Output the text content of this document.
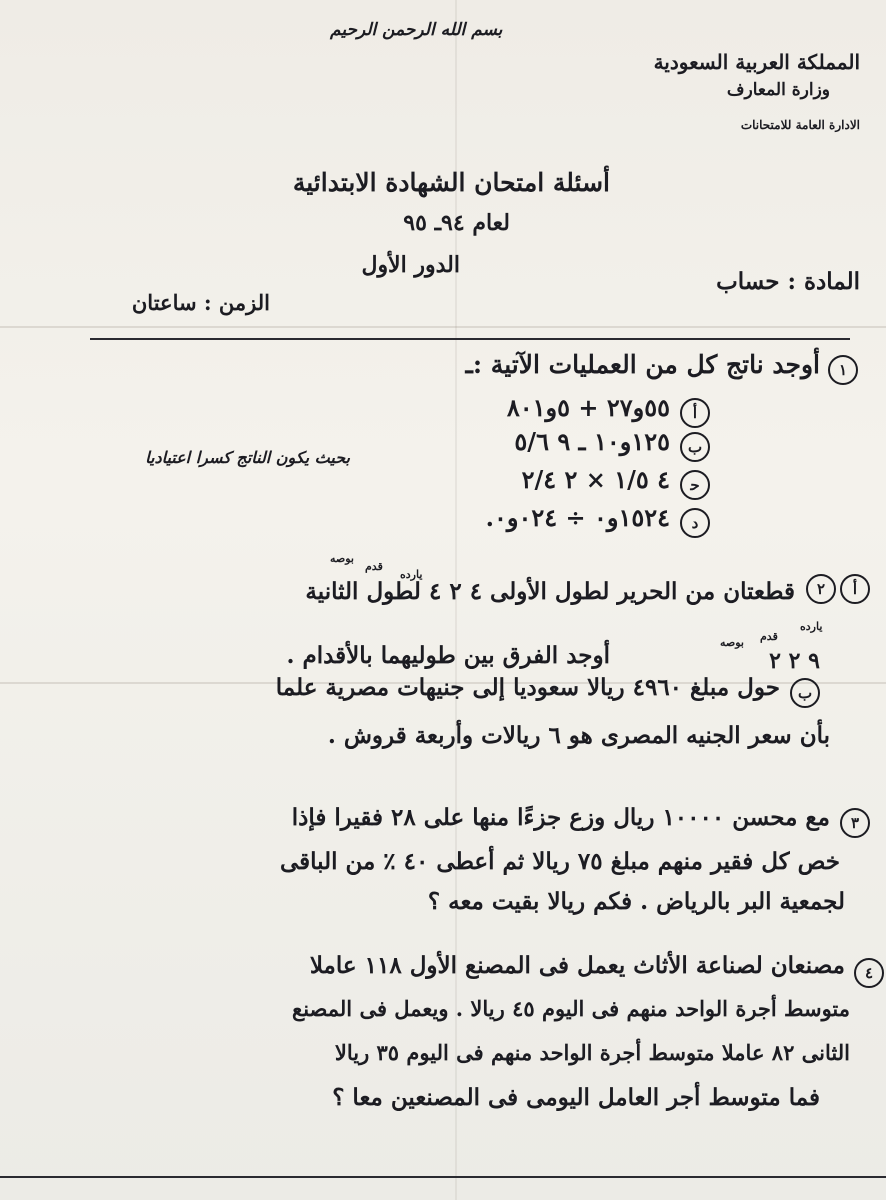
بسم الله الرحمن الرحيم
المملكة العربية السعودية
وزارة المعارف
الادارة العامة للامتحانات
أسئلة امتحان الشهادة الابتدائية
لعام ٩٤ـ ٩٥
الدور الأول
المادة : حساب
الزمن : ساعتان
١
أوجد ناتج كل من العمليات الآتية :ـ
أ
٥٥و٢٧ + ٥و٨٠١
ب
١٢٥و١٠ ـ ٩ ٥/٦
بحيث يكون الناتج كسرا اعتياديا
ﺣ
٤ ١/٥ × ٢ ٢/٤
د
١٥٢٤و٠ ÷ ٠٢٤و٠.
أ
٢
يارده
قدم
بوصه
قطعتان من الحرير لطول الأولى ٤ ٢ ٤ لطول الثانية
يارده
قدم
بوصه
٩ ٢ ٢
أوجد الفرق بين طوليهما بالأقدام .
ب
حول مبلغ ٤٩٦٠ ريالا سعوديا إلى جنيهات مصرية علما
بأن سعر الجنيه المصرى هو ٦ ريالات وأربعة قروش .
٣
مع محسن ١٠٠٠٠ ريال وزع جزءًا منها على ٢٨ فقيرا فإذا
خص كل فقير منهم مبلغ ٧٥ ريالا ثم أعطى ٤٠ ٪ من الباقى
لجمعية البر بالرياض . فكم ريالا بقيت معه ؟
٤
مصنعان لصناعة الأثاث يعمل فى المصنع الأول ١١٨ عاملا
متوسط أجرة الواحد منهم فى اليوم ٤٥ ريالا . ويعمل فى المصنع
الثانى ٨٢ عاملا متوسط أجرة الواحد منهم فى اليوم ٣٥ ريالا
فما متوسط أجر العامل اليومى فى المصنعين معا ؟
